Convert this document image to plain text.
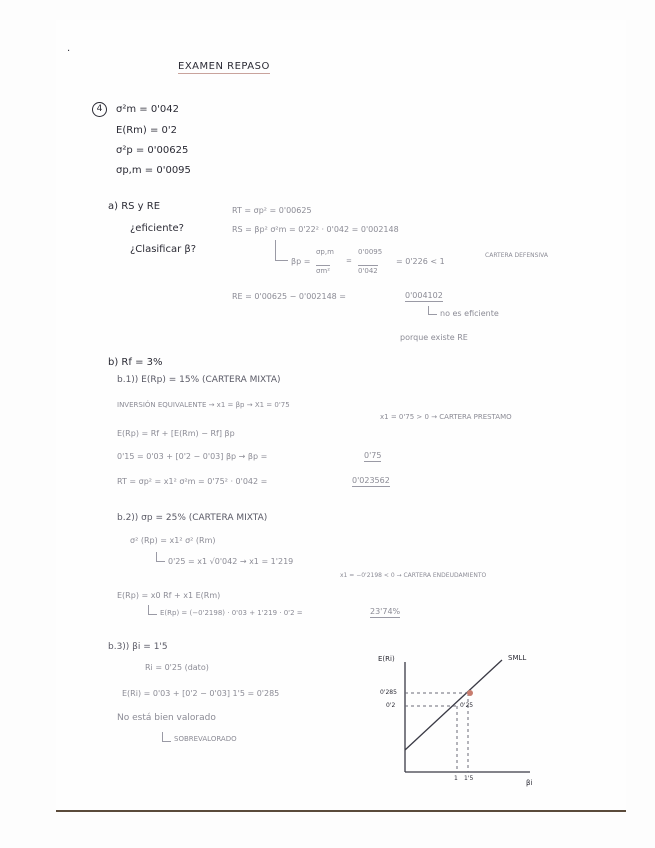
EXAMEN REPASO
4	σ²m = 0'042
E(Rm) = 0'2
σ²p = 0'00625
σp,m = 0'0095
a) RS y RE
¿eficiente?
¿Clasificar β?
RT = σp² = 0'00625
RS = βp² σ²m = 0'22² · 0'042 = 0'002148
βp =
σp,m
σm²
=
0'0095
0'042
= 0'226 < 1
CARTERA DEFENSIVA
RE = 0'00625 − 0'002148 =	0'004102
no es eficiente
porque existe RE
b) Rf = 3%
b.1)) E(Rp) = 15% (CARTERA MIXTA)
INVERSIÓN EQUIVALENTE → x1 = βp → X1 = 0'75
x1 = 0'75 > 0 → CARTERA PRESTAMO
E(Rp) = Rf + [E(Rm) − Rf] βp
0'15 = 0'03 + [0'2 − 0'03] βp → βp =	0'75
RT = σp² = x1² σ²m = 0'75² · 0'042 =	0'023562
b.2)) σp = 25% (CARTERA MIXTA)
σ² (Rp) = x1² σ² (Rm)
0'25 = x1 √0'042 → x1 = 1'219
x1 = −0'2198 < 0 → CARTERA ENDEUDAMIENTO
E(Rp) = x0 Rf + x1 E(Rm)
E(Rp) = (−0'2198) · 0'03 + 1'219 · 0'2 =	23'74%
b.3)) βi = 1'5
Ri = 0'25 (dato)
E(Ri) = 0'03 + [0'2 − 0'03] 1'5 = 0'285
No está bien valorado
SOBREVALORADO
E(Ri)	SMLL
0'285
0'2
1 1'5
βi
0'25
·
